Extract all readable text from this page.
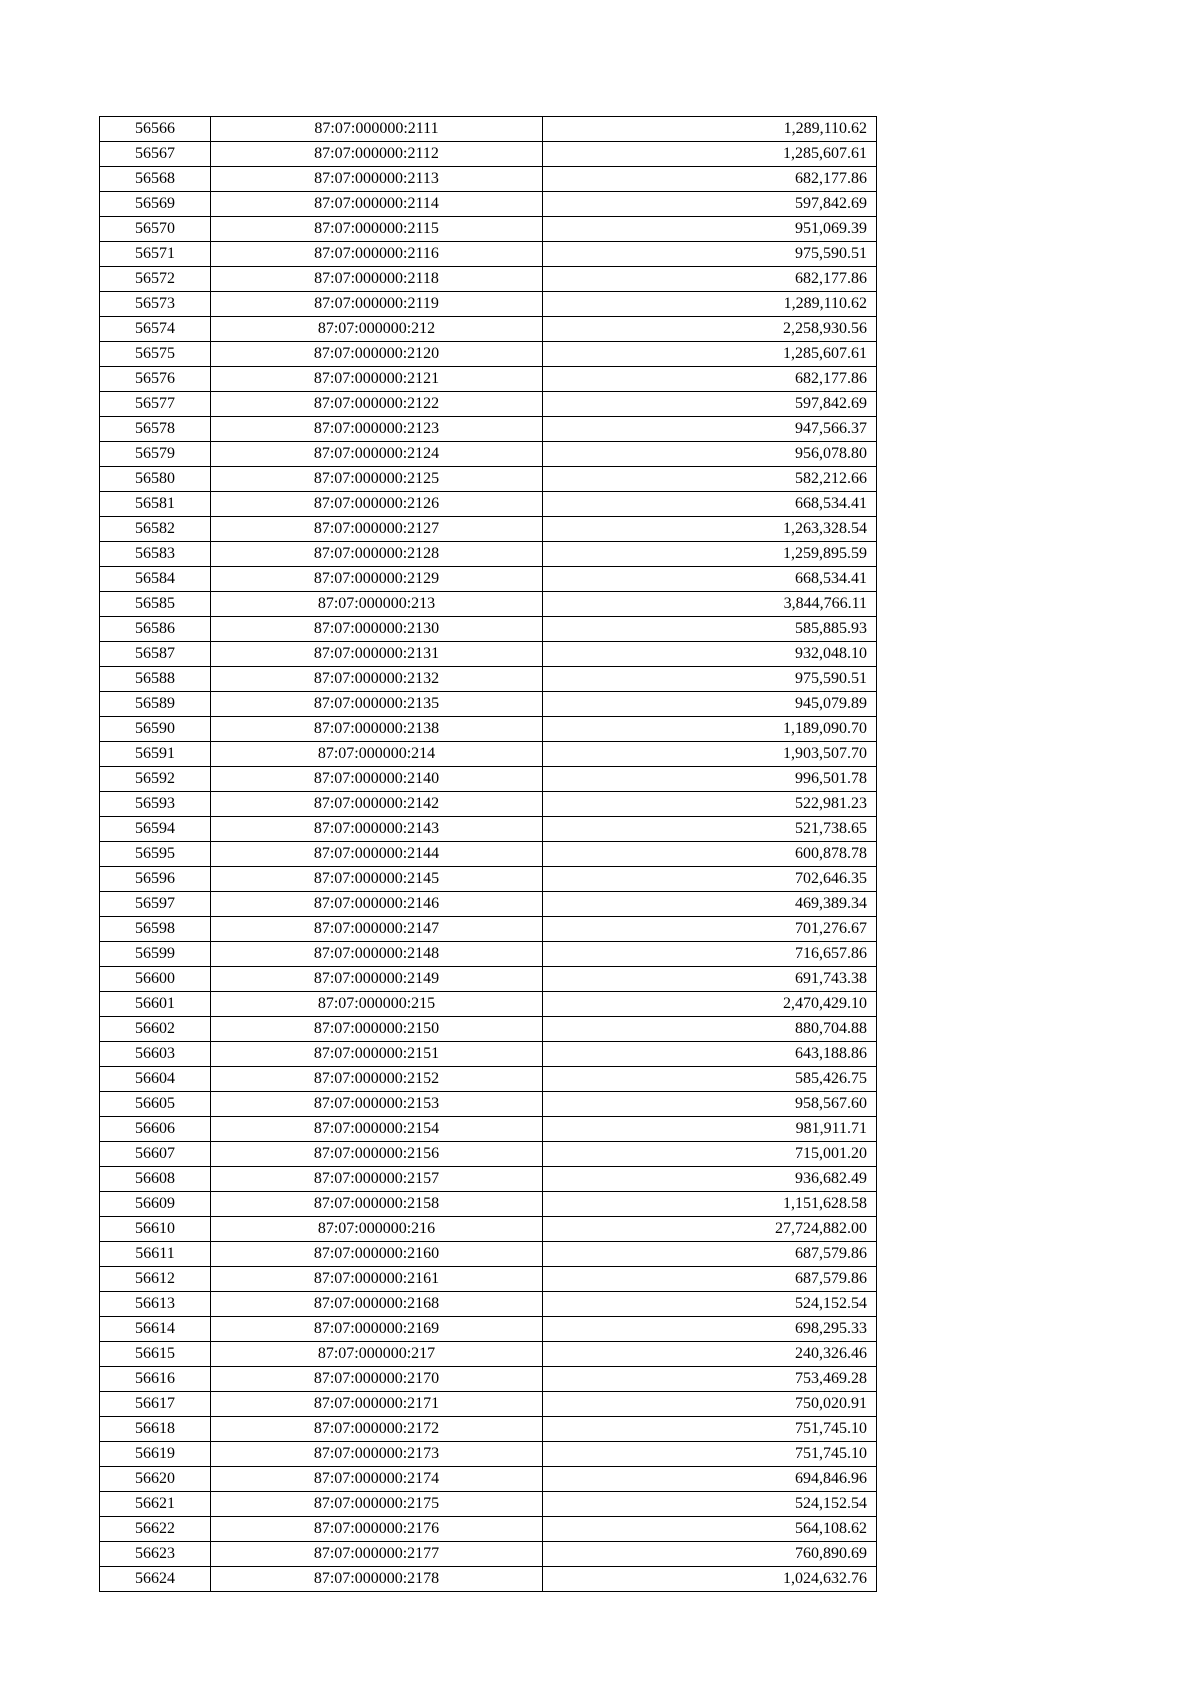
56566	87:07:000000:2111	1,289,110.62
56567	87:07:000000:2112	1,285,607.61
56568	87:07:000000:2113	682,177.86
56569	87:07:000000:2114	597,842.69
56570	87:07:000000:2115	951,069.39
56571	87:07:000000:2116	975,590.51
56572	87:07:000000:2118	682,177.86
56573	87:07:000000:2119	1,289,110.62
56574	87:07:000000:212	2,258,930.56
56575	87:07:000000:2120	1,285,607.61
56576	87:07:000000:2121	682,177.86
56577	87:07:000000:2122	597,842.69
56578	87:07:000000:2123	947,566.37
56579	87:07:000000:2124	956,078.80
56580	87:07:000000:2125	582,212.66
56581	87:07:000000:2126	668,534.41
56582	87:07:000000:2127	1,263,328.54
56583	87:07:000000:2128	1,259,895.59
56584	87:07:000000:2129	668,534.41
56585	87:07:000000:213	3,844,766.11
56586	87:07:000000:2130	585,885.93
56587	87:07:000000:2131	932,048.10
56588	87:07:000000:2132	975,590.51
56589	87:07:000000:2135	945,079.89
56590	87:07:000000:2138	1,189,090.70
56591	87:07:000000:214	1,903,507.70
56592	87:07:000000:2140	996,501.78
56593	87:07:000000:2142	522,981.23
56594	87:07:000000:2143	521,738.65
56595	87:07:000000:2144	600,878.78
56596	87:07:000000:2145	702,646.35
56597	87:07:000000:2146	469,389.34
56598	87:07:000000:2147	701,276.67
56599	87:07:000000:2148	716,657.86
56600	87:07:000000:2149	691,743.38
56601	87:07:000000:215	2,470,429.10
56602	87:07:000000:2150	880,704.88
56603	87:07:000000:2151	643,188.86
56604	87:07:000000:2152	585,426.75
56605	87:07:000000:2153	958,567.60
56606	87:07:000000:2154	981,911.71
56607	87:07:000000:2156	715,001.20
56608	87:07:000000:2157	936,682.49
56609	87:07:000000:2158	1,151,628.58
56610	87:07:000000:216	27,724,882.00
56611	87:07:000000:2160	687,579.86
56612	87:07:000000:2161	687,579.86
56613	87:07:000000:2168	524,152.54
56614	87:07:000000:2169	698,295.33
56615	87:07:000000:217	240,326.46
56616	87:07:000000:2170	753,469.28
56617	87:07:000000:2171	750,020.91
56618	87:07:000000:2172	751,745.10
56619	87:07:000000:2173	751,745.10
56620	87:07:000000:2174	694,846.96
56621	87:07:000000:2175	524,152.54
56622	87:07:000000:2176	564,108.62
56623	87:07:000000:2177	760,890.69
56624	87:07:000000:2178	1,024,632.76
